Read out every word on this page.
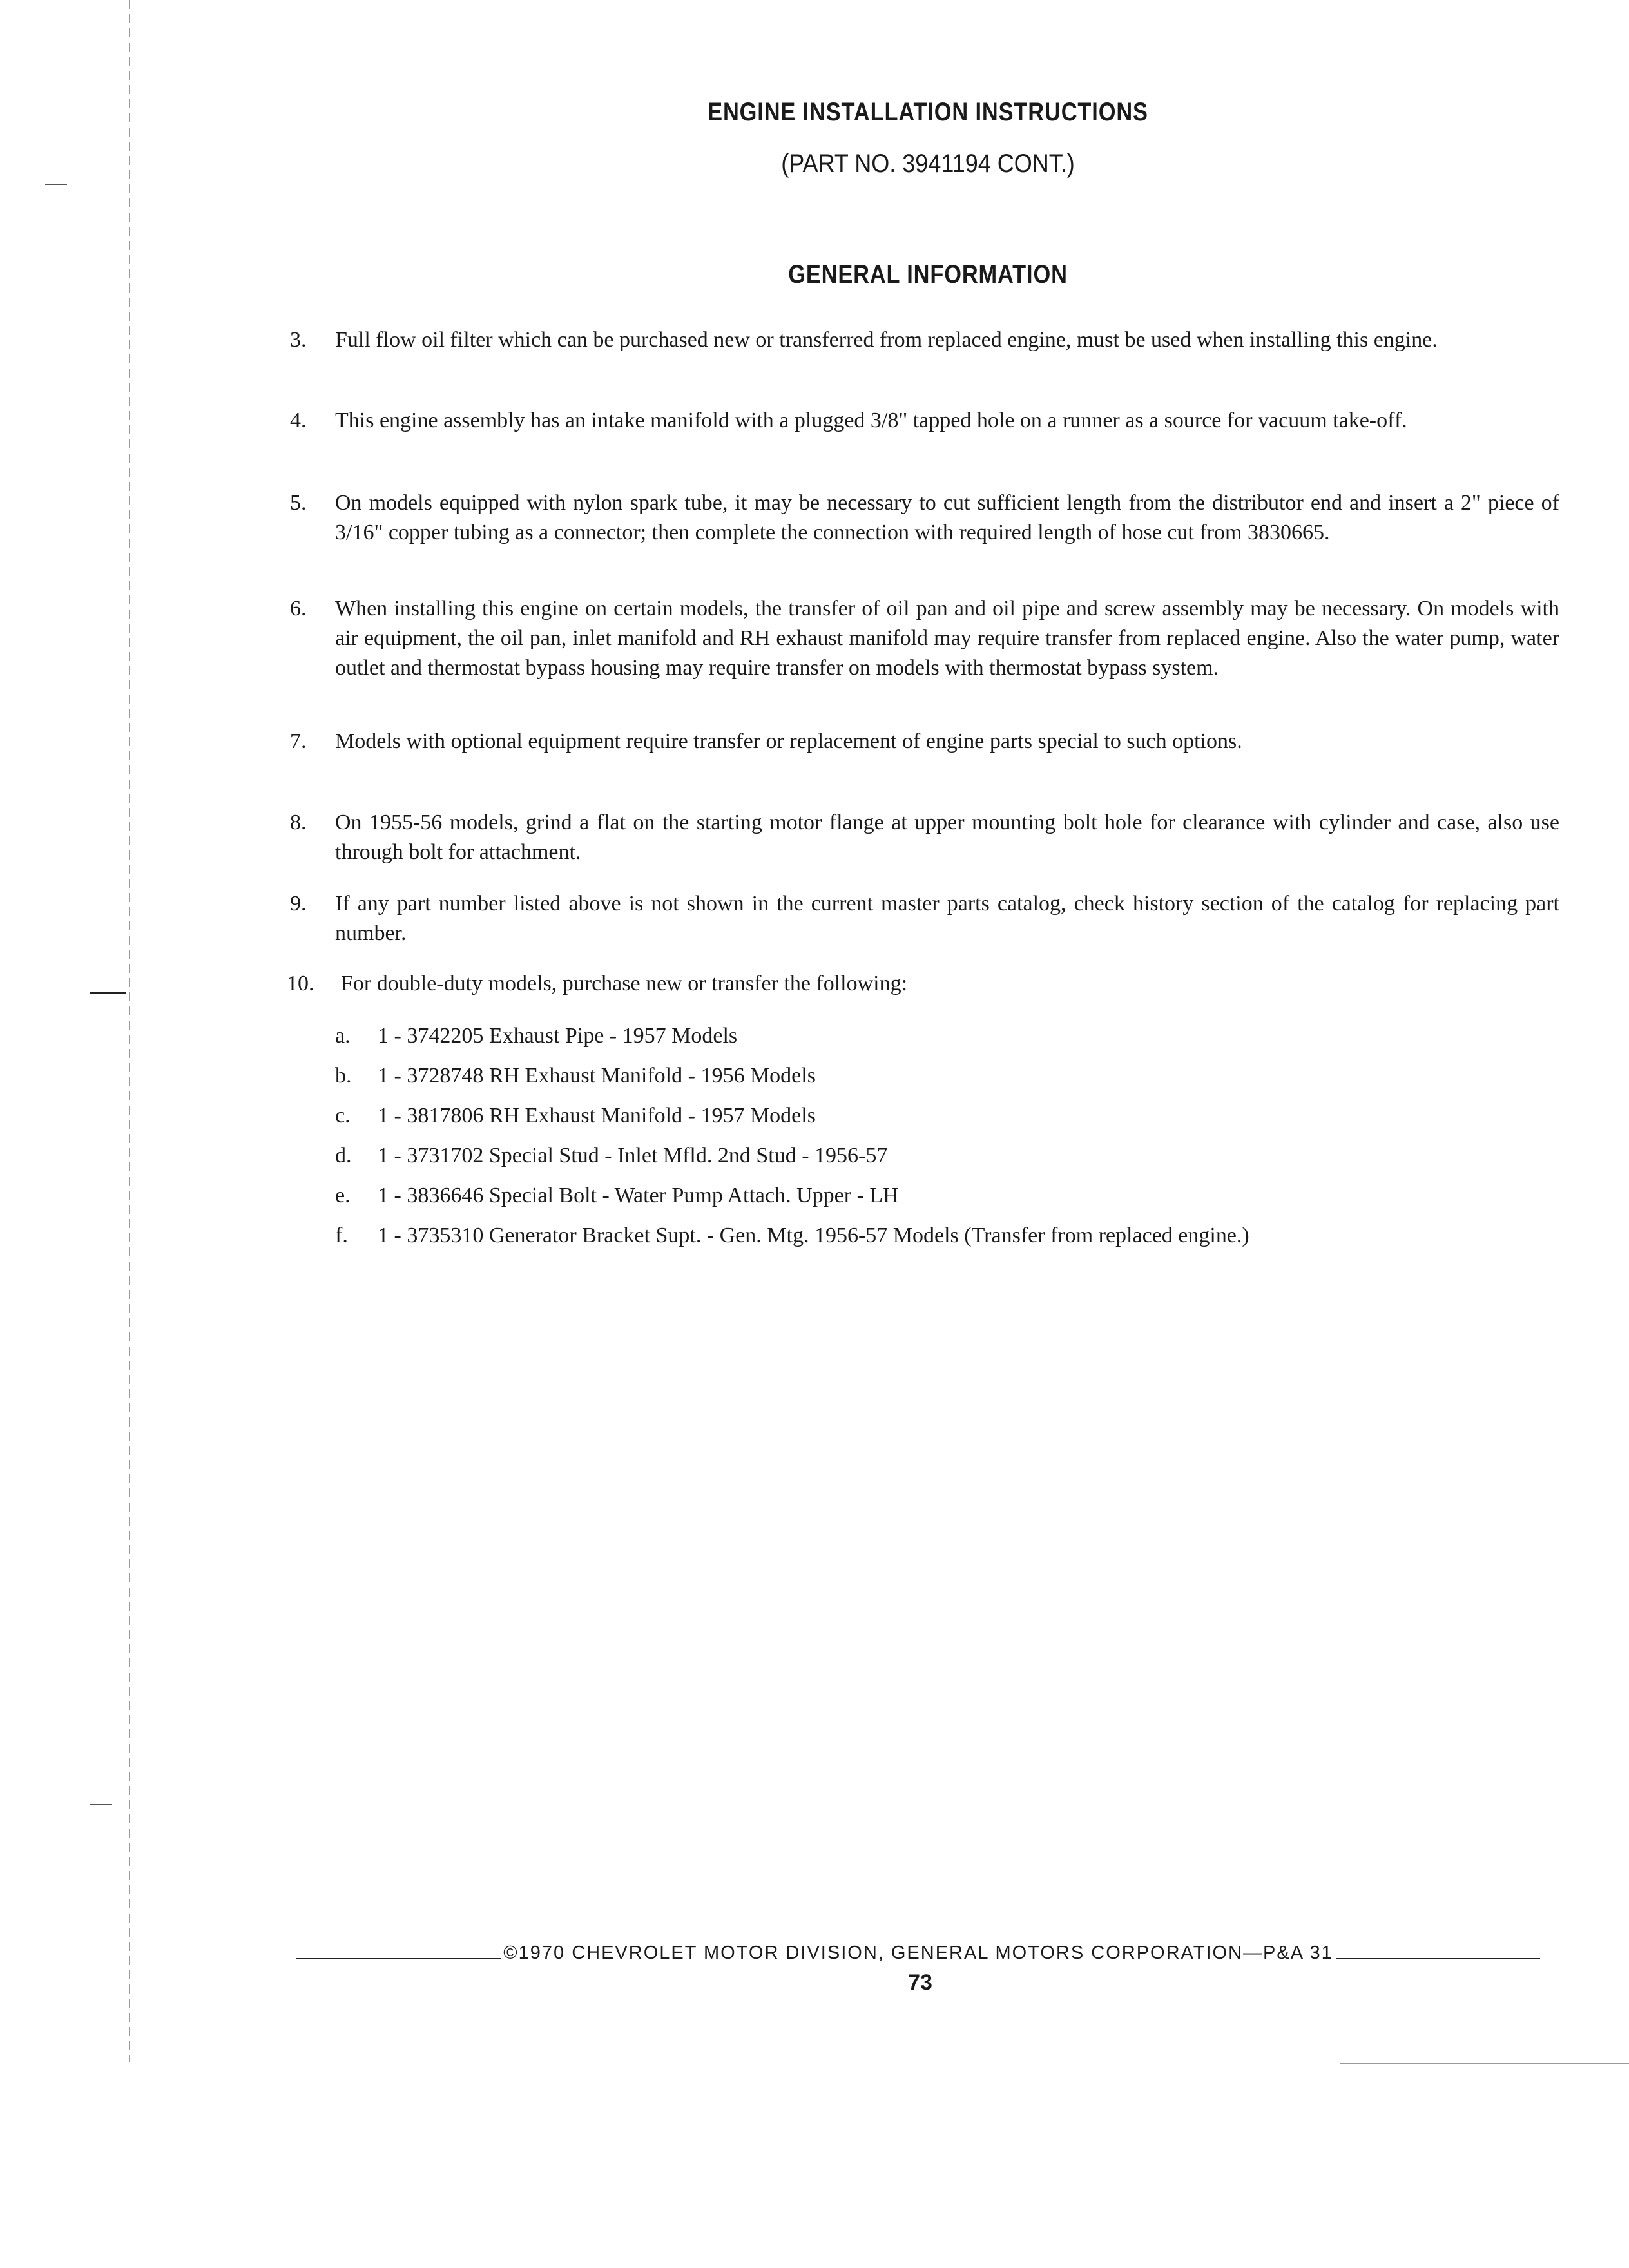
ENGINE INSTALLATION INSTRUCTIONS
(PART NO. 3941194 CONT.)
GENERAL INFORMATION
3.	Full flow oil filter which can be purchased new or transferred from replaced engine, must be used when installing this engine.
4.	This engine assembly has an intake manifold with a plugged 3/8" tapped hole on a runner as a source for vacuum take-off.
5.	On models equipped with nylon spark tube, it may be necessary to cut sufficient length from the distributor end and insert a 2" piece of 3/16" copper tubing as a connector; then complete the connection with required length of hose cut from 3830665.
6.	When installing this engine on certain models, the transfer of oil pan and oil pipe and screw assembly may be necessary. On models with air equipment, the oil pan, inlet manifold and RH exhaust manifold may require transfer from replaced engine. Also the water pump, water outlet and thermostat bypass housing may require transfer on models with thermostat bypass system.
7.	Models with optional equipment require transfer or replacement of engine parts special to such options.
8.	On 1955-56 models, grind a flat on the starting motor flange at upper mounting bolt hole for clearance with cylinder and case, also use through bolt for attachment.
9.	If any part number listed above is not shown in the current master parts catalog, check history section of the catalog for replacing part number.
10.	For double-duty models, purchase new or transfer the following:
a.	1 - 3742205 Exhaust Pipe - 1957 Models
b.	1 - 3728748 RH Exhaust Manifold - 1956 Models
c.	1 - 3817806 RH Exhaust Manifold - 1957 Models
d.	1 - 3731702 Special Stud - Inlet Mfld. 2nd Stud - 1956-57
e.	1 - 3836646 Special Bolt - Water Pump Attach. Upper - LH
f.	1 - 3735310 Generator Bracket Supt. - Gen. Mtg. 1956-57 Models (Transfer from replaced engine.)
©1970 CHEVROLET MOTOR DIVISION, GENERAL MOTORS CORPORATION—P&A 31
73
